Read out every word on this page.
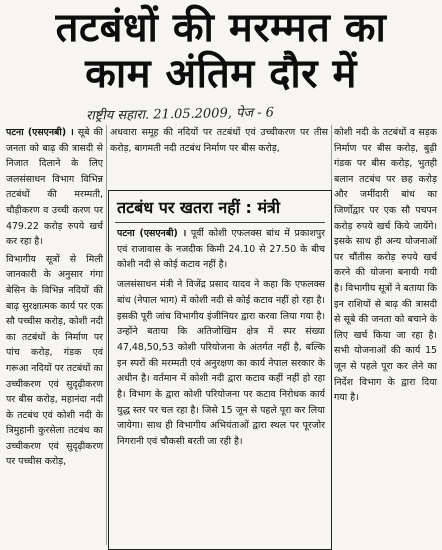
तटबंधों की मरम्मत का
काम अंतिम दौर में
राष्ट्रीय सहारा. 21.05.2009, पेज - 6

पटना (एसएनबी) । सूबे की जनता को बाढ़ की त्रासदी से निजात दिलाने के लिए जलसंसाधन विभाग विभिन्न तटबंधों की मरम्मती, चौड़ीकरण व उच्ची करण पर 479.22 करोड़ रुपये खर्च कर रहा है।

विभागीय सूत्रों से मिली जानकारी के अनुसार गंगा बेसिन के विभिन्न नदियों की बाढ़ सुरक्षात्मक कार्य पर एक सौ पच्चीस करोड़, कोशी नदी का तटबंधों के निर्माण पर पांच करोड़, गंडक एवं गरूआ नदियों पर तटबंधों का उच्चीकरण एवं सुदृढ़ीकरण पर बीस करोड़, महानंदा नदी के तटबंध एवं कोशी नदी के त्रिमुहानी कुरसेला तटबंध का उच्चीकरण एवं सुदृढ़ीकरण पर पच्चीस करोड़,

अधवारा समूह की नदियों पर तटबंधों एवं उच्चीकरण पर तीस करोड़, बागमती नदी तटबंध निर्माण पर बीस करोड़,
कोशी नदी के तटबंधों व सड़क निर्माण पर बीस करोड़, बुढ़ी गंडक पर बीस करोड़, भुतही बलान तटबंध पर छह करोड़ और जमींदारी बांध का जिर्णोद्वार पर एक सौ पचपन करोड़ रुपये खर्च किये जायेंगे। इसके साथ ही अन्य योजनाओं पर चौंतीस करोड़ रुपये खर्च करने की योजना बनायी गयी है। विभागीय सूत्रों ने बताया कि इन राशियों से बाढ़ की त्रासदी से सूबे की जनता को बचाने के लिए खर्च किया जा रहा है। सभी योजनाओं की कार्य 15 जून से पहले पूरा कर लेने का निर्देश विभाग के द्वारा दिया गया है।
तटबंध पर खतरा नहीं : मंत्री

पटना (एसएनबी) । पूर्वी कोशी एफलक्स बांध में प्रकाशपुर एवं राजावास के नजदीक किमी 24.10 से 27.50 के बीच कोशी नदी से कोई कटाव नहीं है।

जलसंसाधन मंत्री ने विजेंद्र प्रसाद यादव ने कहा कि एफलक्स बांध (नेपाल भाग) में कोशी नदी से कोई कटाव नहीं हो रहा है। इसकी पूरी जांच विभागीय इंजीनियर द्वारा करवा लिया गया है। उन्होंने बताया कि अतिजोखिम क्षेत्र में स्पर संख्या 47,48,50,53 कोशी परियोजना के अंतर्गत नहीं है, बल्कि इन स्परों की मरम्मती एवं अनुरक्षण का कार्य नेपाल सरकार के अधीन है। वर्तमान में कोशी नदी द्वारा कटाव कहीं नहीं हो रहा है। विभाग के द्वारा कोशी परियोजना पर कटाव निरोधक कार्य युद्ध स्तर पर चल रहा है। जिसे 15 जून से पहले पूरा कर लिया जायेगा। साथ ही विभागीय अभियंताओं द्वारा स्थल पर पूरजोर निगरानी एवं चौकसी बरती जा रही है।
